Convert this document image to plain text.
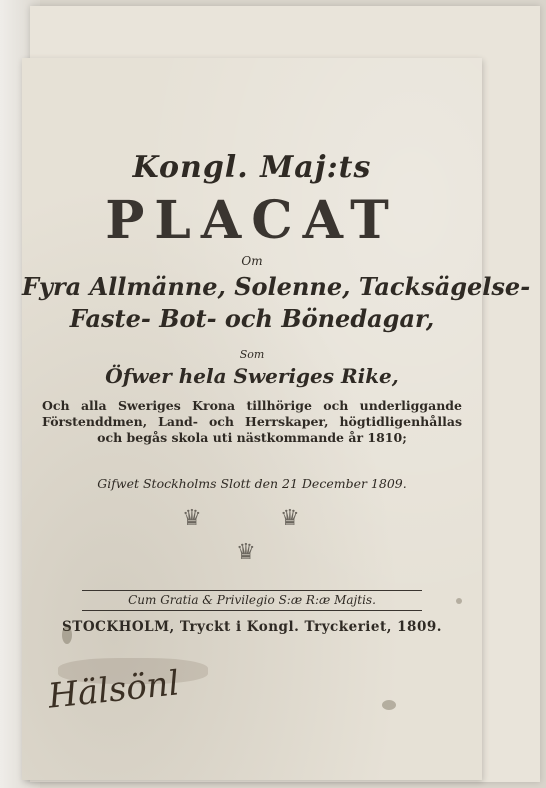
Kongl. Maj:ts
PLACAT
Om
Fyra Allmänne, Solenne, Tacksägelse-
Faste- Bot- och Bönedagar,
Som
Öfwer hela Sweriges Rike,
Och alla Sweriges Krona tillhörige och underliggande Förstenddmen, Land- och Herrskaper, högtidligenhållas och begås skola uti nästkommande år 1810;
Gifwet Stockholms Slott den 21 December 1809.
♛	♛
♛
Cum Gratia & Privilegio S:æ R:æ Majtis.
STOCKHOLM, Tryckt i Kongl. Tryckeriet, 1809.
Hälsönl
